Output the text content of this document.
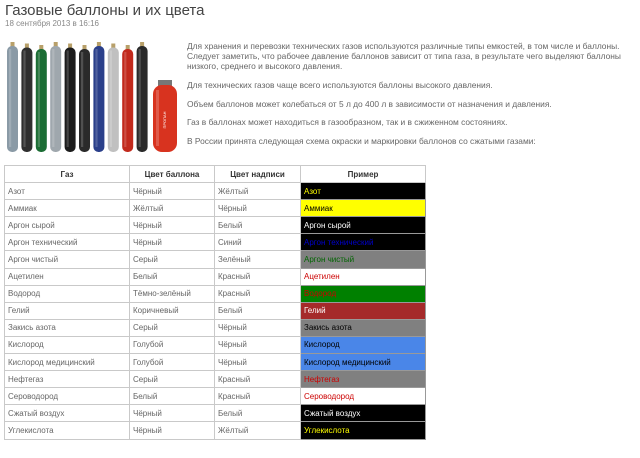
Газовые баллоны и их цвета
18 сентября 2013 в 16:16
ПРОПАН

Для хранения и перевозки технических газов используются различные типы емкостей, в том числе и баллоны. Следует заметить, что рабочее давление баллонов зависит от типа газа, в результате чего выделяют баллоны низкого, среднего и высокого давления.

Для технических газов чаще всего используются баллоны высокого давления.

Объем баллонов может колебаться от 5 л до 400 л в зависимости от назначения и давления.

Газ в баллонах может находиться в газообразном, так и в сжиженном состояниях.

В России принята следующая схема окраски и маркировки баллонов со сжатыми газами:

Газ	Цвет баллона	Цвет надписи	Пример
Азот	Чёрный	Жёлтый	Азот
Аммиак	Жёлтый	Чёрный	Аммиак
Аргон сырой	Чёрный	Белый	Аргон сырой
Аргон технический	Чёрный	Синий	Аргон технический
Аргон чистый	Серый	Зелёный	Аргон чистый
Ацетилен	Белый	Красный	Ацетилен
Водород	Тёмно-зелёный	Красный	Водород
Гелий	Коричневый	Белый	Гелий
Закись азота	Серый	Чёрный	Закись азота
Кислород	Голубой	Чёрный	Кислород
Кислород медицинский	Голубой	Чёрный	Кислород медицинский
Нефтегаз	Серый	Красный	Нефтегаз
Сероводород	Белый	Красный	Сероводород
Сжатый воздух	Чёрный	Белый	Сжатый воздух
Углекислота	Чёрный	Жёлтый	Углекислота
